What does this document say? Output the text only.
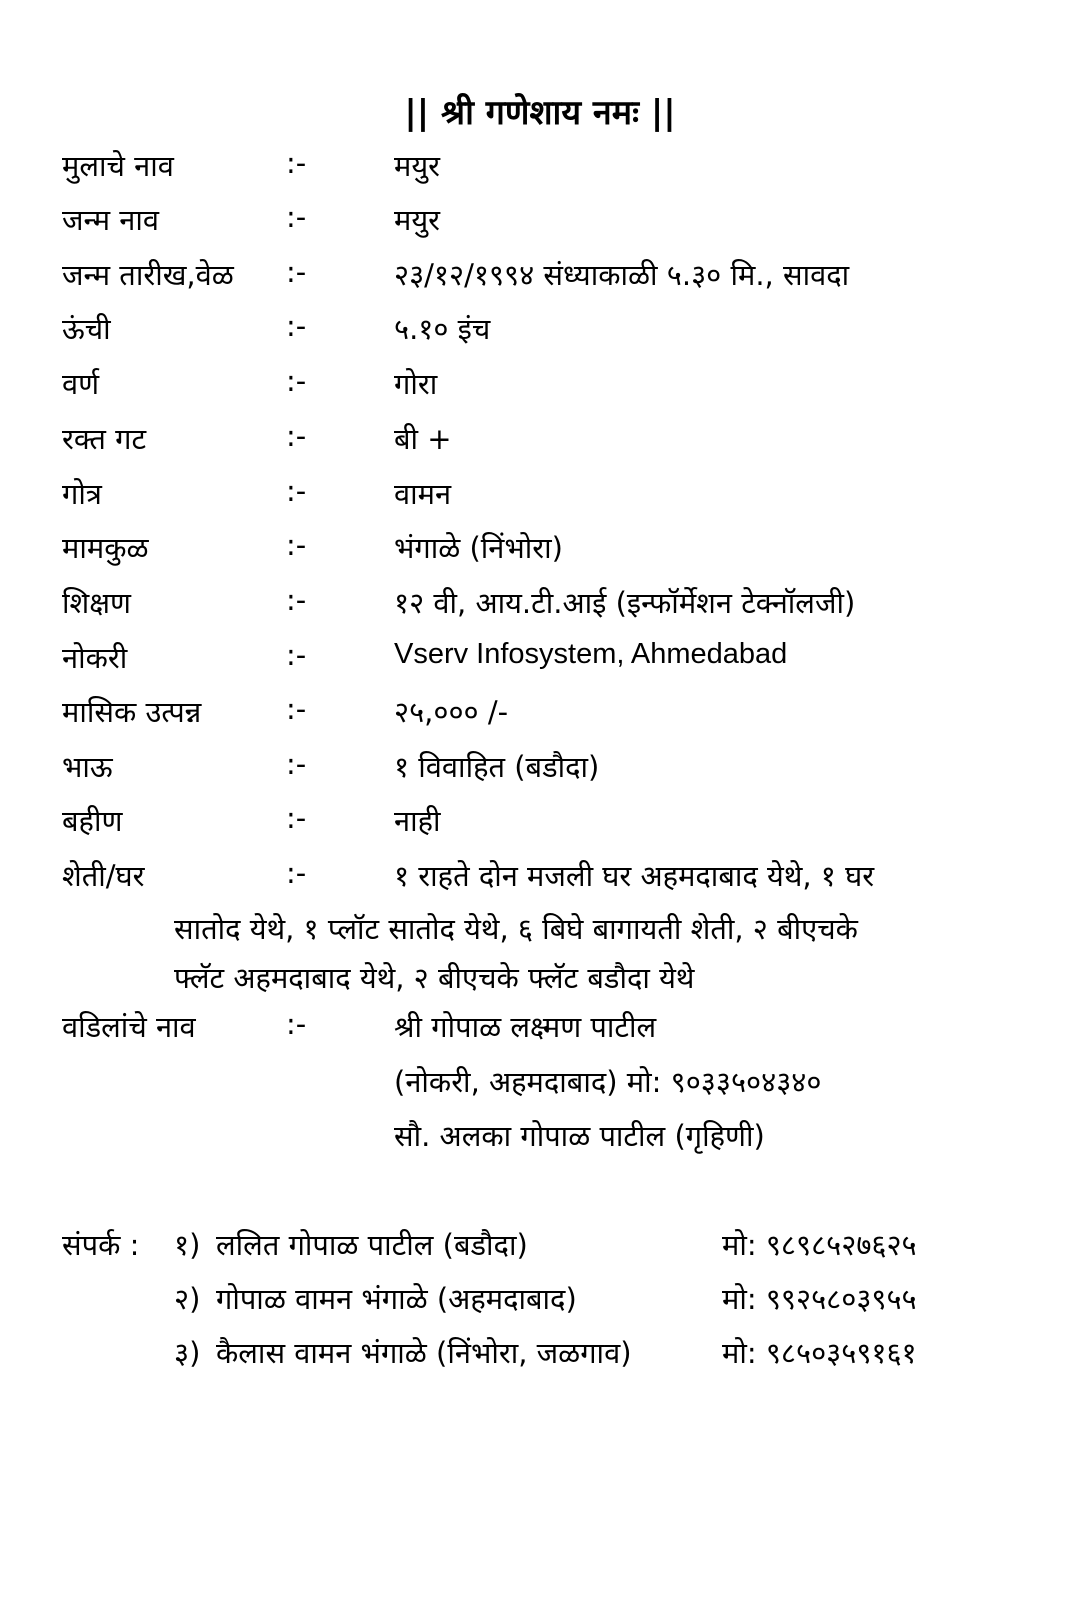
|| श्री गणेशाय नमः ||
मुलाचे नाव	:-	मयुर
जन्म नाव	:-	मयुर
जन्म तारीख,वेळ :-	२३/१२/१९९४ संध्याकाळी ५.३० मि., सावदा
ऊंची	:-	५.१० इंच
वर्ण	:-	गोरा
रक्त गट	:-	बी +
गोत्र	:-	वामन
मामकुळ	:-	भंगाळे (निंभोरा)
शिक्षण	:-	१२ वी, आय.टी.आई (इन्फॉर्मेशन टेक्नॉलजी)
नोकरी	:-	Vserv Infosystem, Ahmedabad
मासिक उत्पन्न	:-	२५,००० /-
भाऊ	:-	१ विवाहित (बडौदा)
बहीण	:-	नाही
शेती/घर	:-	१ राहते दोन मजली घर अहमदाबाद येथे, १ घर
सातोद येथे, १ प्लॉट सातोद येथे, ६ बिघे बागायती शेती, २ बीएचके
फ्लॅट अहमदाबाद येथे, २ बीएचके फ्लॅट बडौदा येथे
वडिलांचे नाव	:-	श्री गोपाळ लक्ष्मण पाटील
(नोकरी, अहमदाबाद) मो: ९०३३५०४३४०
सौ. अलका गोपाळ पाटील (गृहिणी)
संपर्क : १) ललित गोपाळ पाटील (बडौदा)	मो: ९८९८५२७६२५
२) गोपाळ वामन भंगाळे (अहमदाबाद)	मो: ९९२५८०३९५५
३) कैलास वामन भंगाळे (निंभोरा, जळगाव)	मो: ९८५०३५९१६१
